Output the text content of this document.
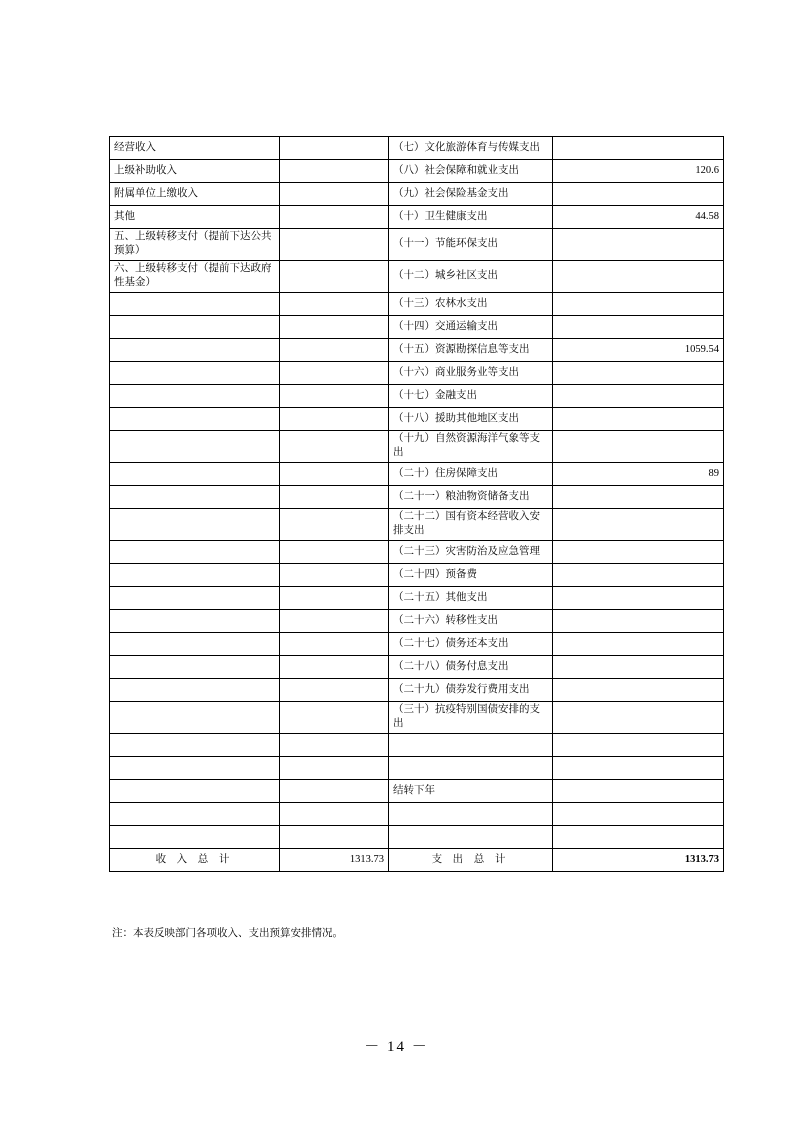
经营收入		（七）文化旅游体育与传媒支出	
上级补助收入		（八）社会保障和就业支出	120.6
附属单位上缴收入		（九）社会保险基金支出	
其他		（十）卫生健康支出	44.58
五、上级转移支付（提前下达公共预算）		（十一）节能环保支出	
六、上级转移支付（提前下达政府性基金）		（十二）城乡社区支出	
		（十三）农林水支出	
		（十四）交通运输支出	
		（十五）资源勘探信息等支出	1059.54
		（十六）商业服务业等支出	
		（十七）金融支出	
		（十八）援助其他地区支出	
		（十九）自然资源海洋气象等支出	
		（二十）住房保障支出	89
		（二十一）粮油物资储备支出	
		（二十二）国有资本经营收入安排支出	
		（二十三）灾害防治及应急管理	
		（二十四）预备费	
		（二十五）其他支出	
		（二十六）转移性支出	
		（二十七）债务还本支出	
		（二十八）债务付息支出	
		（二十九）债券发行费用支出	
		（三十）抗疫特别国债安排的支出	

		结转下年	

收 入 总 计	1313.73	支 出 总 计	1313.73
注：本表反映部门各项收入、支出预算安排情况。
－ 14 －
